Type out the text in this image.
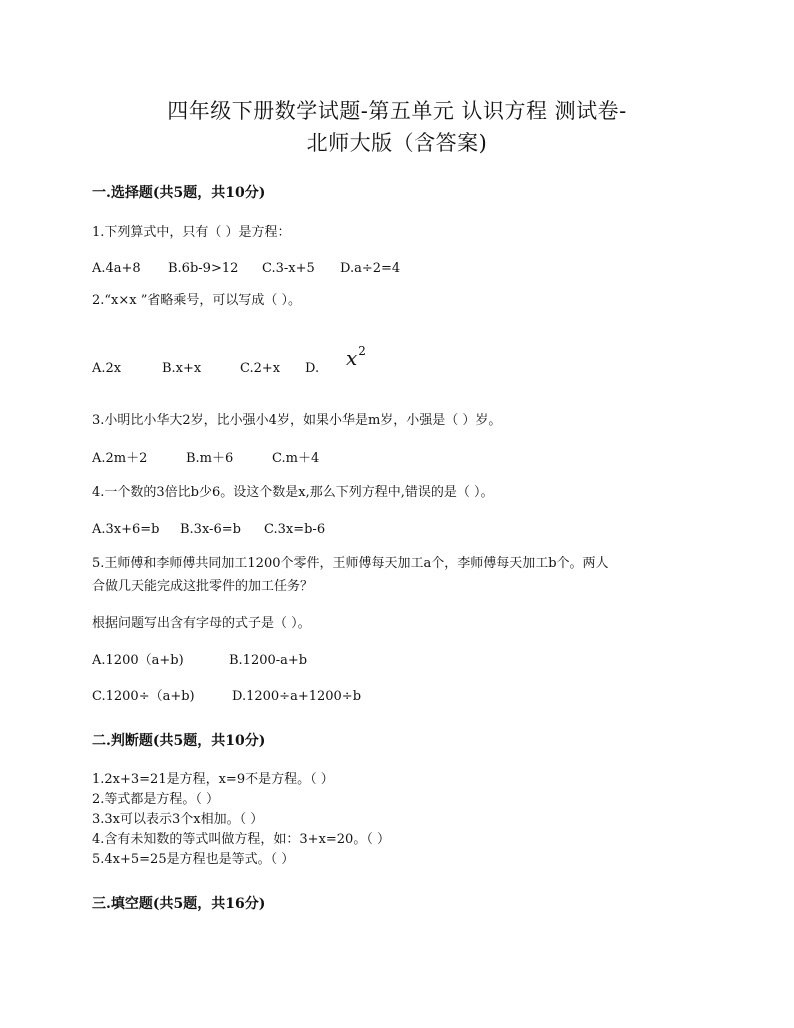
四年级下册数学试题-第五单元 认识方程 测试卷-
北师大版（含答案)
一.选择题(共5题，共10分)
1.下列算式中，只有（ ）是方程：
A.4a+8 B.6b-9>12 C.3-x+5 D.a÷2=4
2.“x×x ”省略乘号，可以写成（ ）。
A.2x	B.x+x	C.2+x D. $x^2$
3.小明比小华大2岁，比小强小4岁，如果小华是m岁，小强是（ ）岁。
A.2m＋2	B.m＋6	C.m＋4
4.一个数的3倍比b少6。设这个数是x,那么下列方程中,错误的是（ ）。
A.3x+6=b B.3x-6=b C.3x=b-6
5.王师傅和李师傅共同加工1200个零件，王师傅每天加工a个，李师傅每天加工b个。两人
合做几天能完成这批零件的加工任务？
根据问题写出含有字母的式子是（ ）。
A.1200（a+b)	B.1200-a+b
C.1200÷（a+b)	D.1200÷a+1200÷b
二.判断题(共5题，共10分)
1.2x+3=21是方程，x=9不是方程。（ ）
2.等式都是方程。（ ）
3.3x可以表示3个x相加。（ ）
4.含有未知数的等式叫做方程，如：3+x=20。（ ）
5.4x+5=25是方程也是等式。（ ）
三.填空题(共5题，共16分)
